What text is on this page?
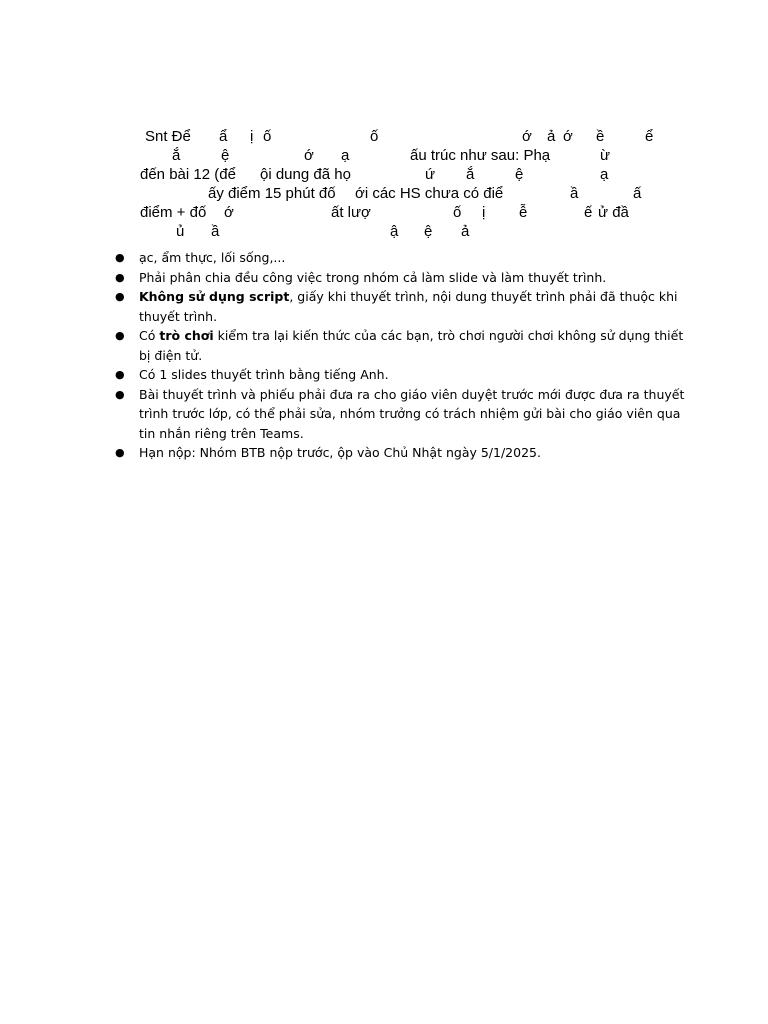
Snt Để ẩ ị ố	ố	ớ ả ớ ề	ể
ắ	ệ	ớ ạ	ấu trúc như sau: Phạ	ừ
đến bài 12 (để ội dung đã họ	ứ ắ	ệ	ạ
ấy điểm 15 phút đố ới các HS chưa có điể	ầ	ấ
điểm + đố ớ	ất lượ	ố ị ễ	ế ử đầ
ủ ầ	ậ ệ ả
● ạc, ẩm thực, lối sống,...
● Phải phân chia đều công việc trong nhóm cả làm slide và làm thuyết trình.
● Không sử dụng script, giấy khi thuyết trình, nội dung thuyết trình phải đã thuộc khi thuyết trình.
● Có trò chơi kiểm tra lại kiến thức của các bạn, trò chơi người chơi không sử dụng thiết bị điện tử.
● Có 1 slides thuyết trình bằng tiếng Anh.
● Bài thuyết trình và phiếu phải đưa ra cho giáo viên duyệt trước mới được đưa ra thuyết trình trước lớp, có thể phải sửa, nhóm trưởng có trách nhiệm gửi bài cho giáo viên qua tin nhắn riêng trên Teams.
● Hạn nộp: Nhóm BTB nộp trước, ộp vào Chủ Nhật ngày 5/1/2025.
